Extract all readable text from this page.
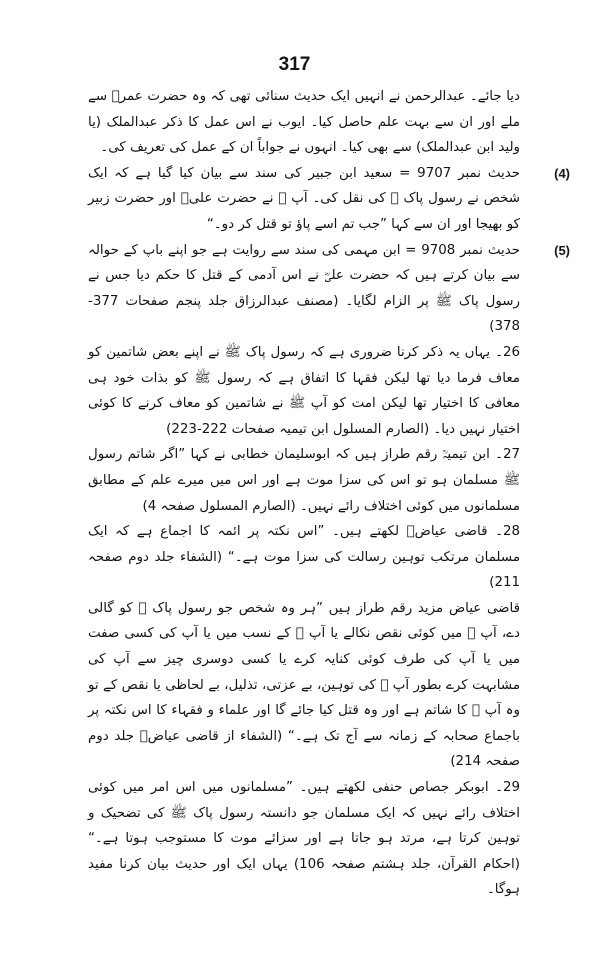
317

دیا جائے۔ عبدالرحمن نے انہیں ایک حدیث سنائی تھی کہ وہ حضرت عمرؓ سے ملے اور ان سے بہت علم حاصل کیا۔ ایوب نے اس عمل کا ذکر عبدالملک (یا ولید ابن عبدالملک) سے بھی کیا۔ انہوں نے جواباً ان کے عمل کی تعریف کی۔

(4)

حدیث نمبر 9707 = سعید ابن جبیر کی سند سے بیان کیا گیا ہے کہ ایک شخص نے رسول پاک ﷺ کی نقل کی۔ آپ ﷺ نے حضرت علیؓ اور حضرت زبیر کو بھیجا اور ان سے کہا ”جب تم اسے پاؤ تو قتل کر دو۔“

(5)

حدیث نمبر 9708 = ابن مہمی کی سند سے روایت ہے جو اپنے باپ کے حوالہ سے بیان کرتے ہیں کہ حضرت علیؓ نے اس آدمی کے قتل کا حکم دیا جس نے رسول پاک ﷺ پر الزام لگایا۔ (مصنف عبدالرزاق جلد پنجم صفحات 377-378)

26۔ یہاں یہ ذکر کرنا ضروری ہے کہ رسول پاک ﷺ نے اپنے بعض شاتمین کو معاف فرما دیا تھا لیکن فقہا کا اتفاق ہے کہ رسول ﷺ کو بذات خود ہی معافی کا اختیار تھا لیکن امت کو آپ ﷺ نے شاتمین کو معاف کرنے کا کوئی اختیار نہیں دیا۔ (الصارم المسلول ابن تیمیہ صفحات 222-223)

27۔ ابن تیمیہؒ رقم طراز ہیں کہ ابوسلیمان خطابی نے کہا ”اگر شاتم رسول ﷺ مسلمان ہو تو اس کی سزا موت ہے اور اس میں میرے علم کے مطابق مسلمانوں میں کوئی اختلاف رائے نہیں۔ (الصارم المسلول صفحہ 4)

28۔ قاضی عیاضؒ لکھتے ہیں۔ ”اس نکتہ پر ائمہ کا اجماع ہے کہ ایک مسلمان مرتکب توہین رسالت کی سزا موت ہے۔“ (الشفاء جلد دوم صفحہ 211)

قاضی عیاض مزید رقم طراز ہیں ”ہر وہ شخص جو رسول پاک ﷺ کو گالی دے، آپ ﷺ میں کوئی نقص نکالے یا آپ ﷺ کے نسب میں یا آپ کی کسی صفت میں یا آپ کی طرف کوئی کنایہ کرے یا کسی دوسری چیز سے آپ کی مشابہت کرے بطور آپ ﷺ کی توہین، بے عزتی، تذلیل، بے لحاظی یا نقص کے تو وہ آپ ﷺ کا شاتم ہے اور وہ قتل کیا جائے گا اور علماء و فقہاء کا اس نکتہ پر باجماع صحابہ کے زمانہ سے آج تک ہے۔“ (الشفاء از قاضی عیاضؒ جلد دوم صفحہ 214)

29۔ ابوبکر جصاص حنفی لکھتے ہیں۔ ”مسلمانوں میں اس امر میں کوئی اختلاف رائے نہیں کہ ایک مسلمان جو دانستہ رسول پاک ﷺ کی تضحیک و توہین کرتا ہے، مرتد ہو جاتا ہے اور سزائے موت کا مستوجب ہوتا ہے۔“ (احکام القرآن، جلد ہشتم صفحہ 106) یہاں ایک اور حدیث بیان کرنا مفید ہوگا۔
